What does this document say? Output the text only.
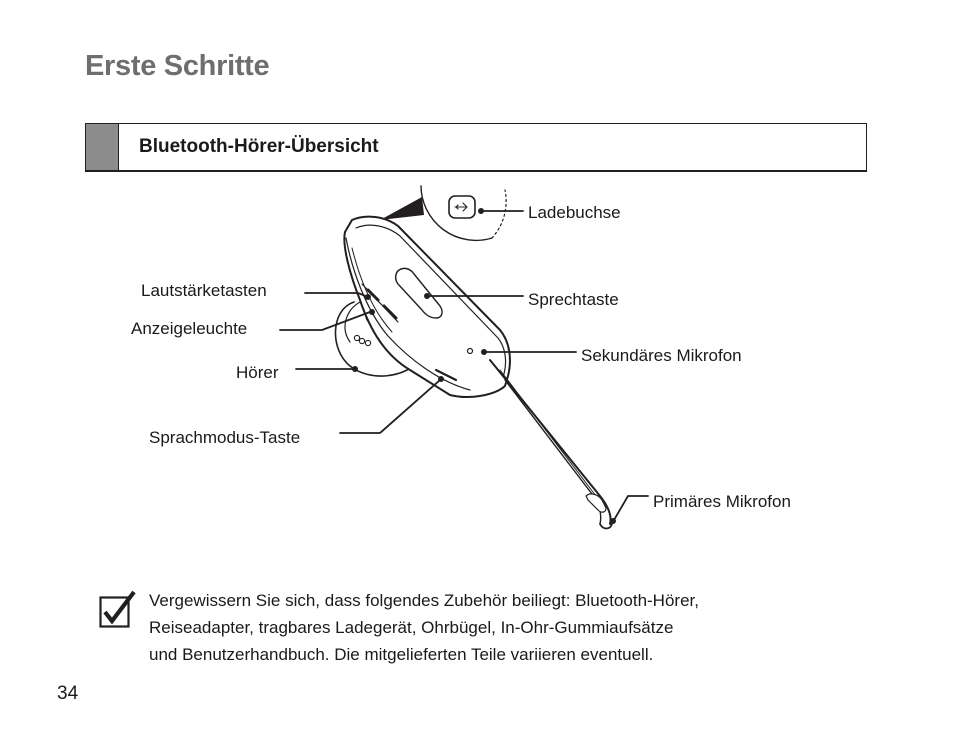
Erste Schritte
Bluetooth-Hörer-Übersicht
Ladebuchse
Lautstärketasten
Anzeigeleuchte
Sprechtaste
Sekundäres Mikrofon
Hörer
Sprachmodus-Taste
Primäres Mikrofon
Vergewissern Sie sich, dass folgendes Zubehör beiliegt: Bluetooth-Hörer,
Reiseadapter, tragbares Ladegerät, Ohrbügel, In-Ohr-Gummiaufsätze
und Benutzerhandbuch. Die mitgelieferten Teile variieren eventuell.
34
